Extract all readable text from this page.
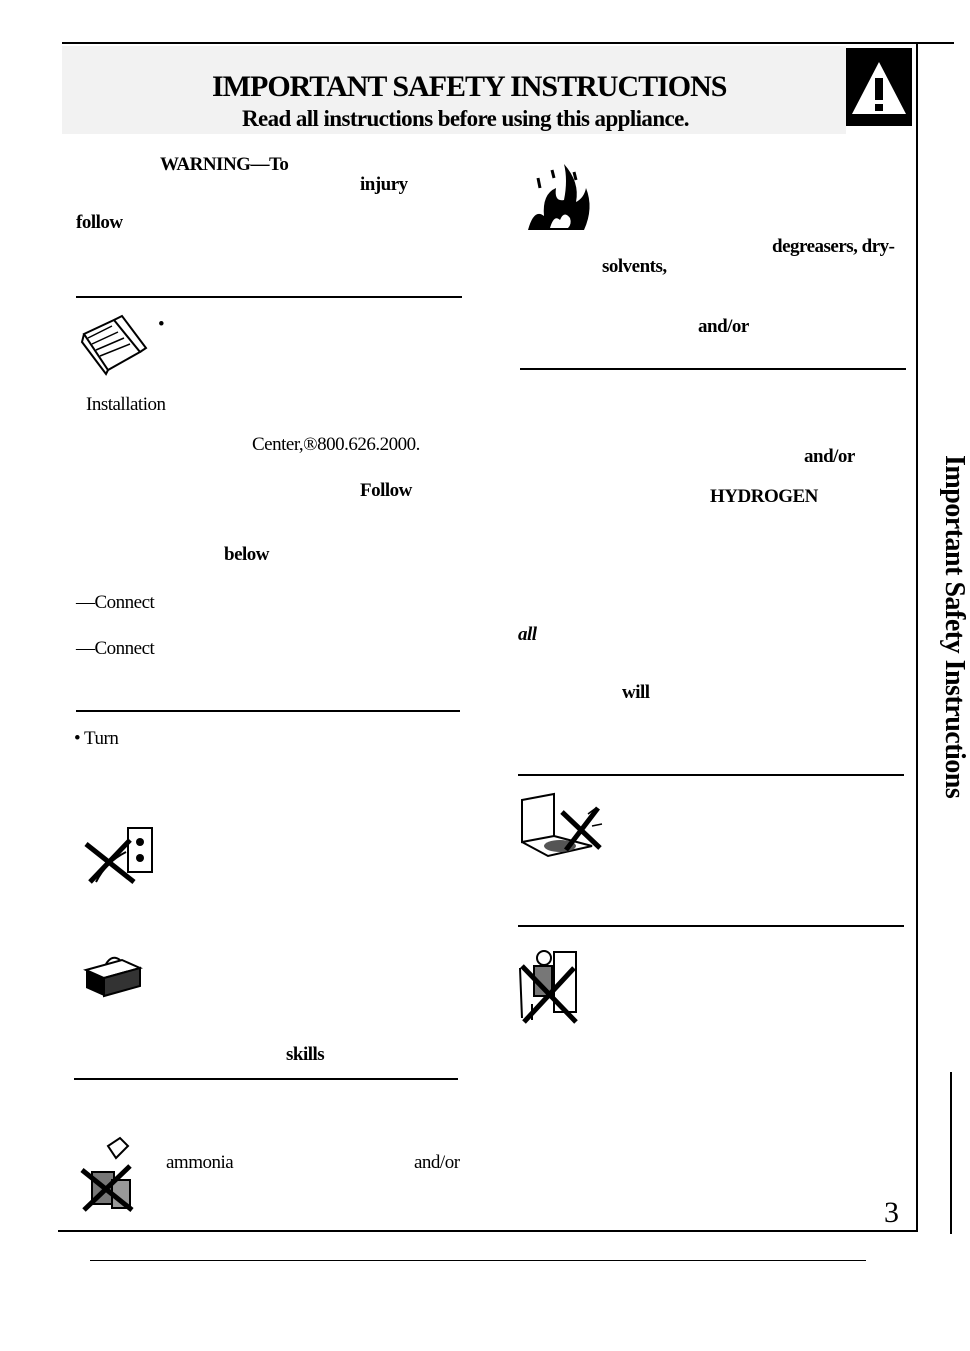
IMPORTANT SAFETY INSTRUCTIONS
Read all instructions before using this appliance.
Important Safety Instructions
WARNING—To
injury
follow
•
Installation
Center,®800.626.2000.
Follow
below
—Connect
—Connect
• Turn
skills
ammonia	and/or
degreasers, dry-
solvents,
and/or
and/or
HYDROGEN
all
will
3
